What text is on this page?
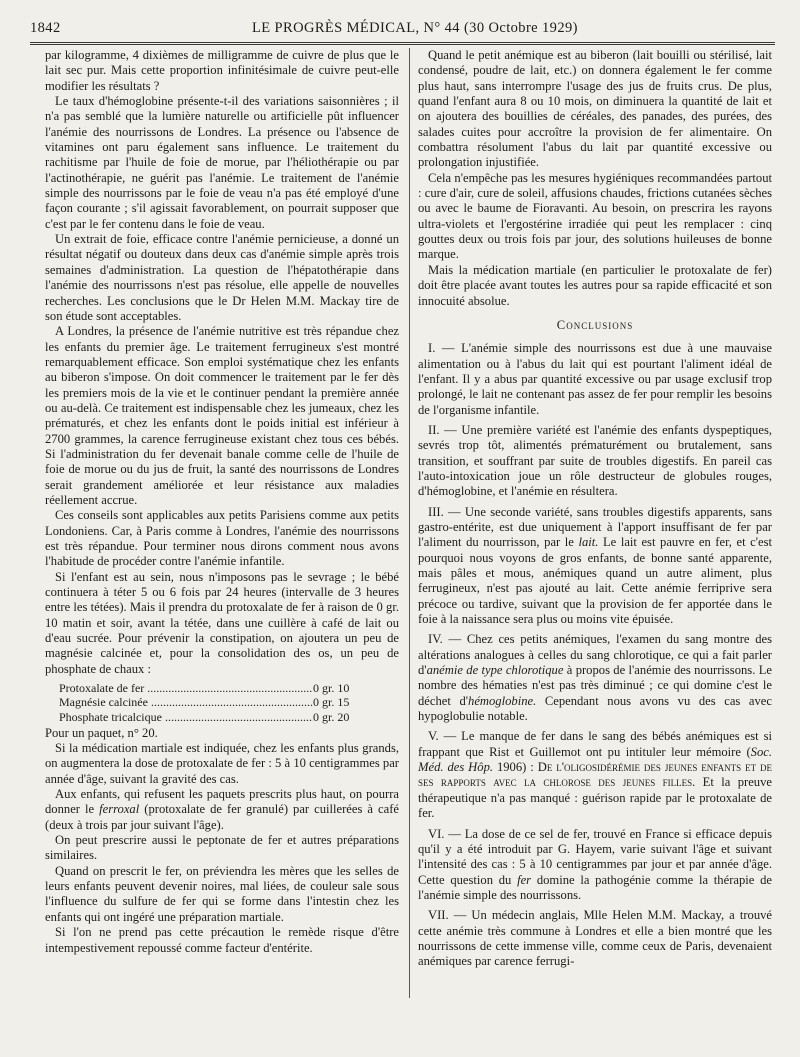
1842	LE PROGRÈS MÉDICAL, N° 44 (30 Octobre 1929)

par kilogramme, 4 dixièmes de milligramme de cuivre de plus que le lait sec pur. Mais cette proportion infinitésimale de cuivre peut-elle modifier les résultats ?

Le taux d'hémoglobine présente-t-il des variations saisonnières ; il n'a pas semblé que la lumière naturelle ou artificielle pût influencer l'anémie des nourrissons de Londres. La présence ou l'absence de vitamines ont paru également sans influence. Le traitement du rachitisme par l'huile de foie de morue, par l'héliothérapie ou par l'actinothérapie, ne guérit pas l'anémie. Le traitement de l'anémie simple des nourrissons par le foie de veau n'a pas été employé d'une façon courante ; s'il agissait favorablement, on pourrait supposer que c'est par le fer contenu dans le foie de veau.

Un extrait de foie, efficace contre l'anémie pernicieuse, a donné un résultat négatif ou douteux dans deux cas d'anémie simple après trois semaines d'administration. La question de l'hépatothérapie dans l'anémie des nourrissons n'est pas résolue, elle appelle de nouvelles recherches. Les conclusions que le Dr Helen M.M. Mackay tire de son étude sont acceptables.

A Londres, la présence de l'anémie nutritive est très répandue chez les enfants du premier âge. Le traitement ferrugineux s'est montré remarquablement efficace. Son emploi systématique chez les enfants au biberon s'impose. On doit commencer le traitement par le fer dès les premiers mois de la vie et le continuer pendant la première année ou au-delà. Ce traitement est indispensable chez les jumeaux, chez les prématurés, et chez les enfants dont le poids initial est inférieur à 2700 grammes, la carence ferrugineuse existant chez tous ces bébés. Si l'administration du fer devenait banale comme celle de l'huile de foie de morue ou du jus de fruit, la santé des nourrissons de Londres serait grandement améliorée et leur résistance aux maladies réellement accrue.

Ces conseils sont applicables aux petits Parisiens comme aux petits Londoniens. Car, à Paris comme à Londres, l'anémie des nourrissons est très répandue. Pour terminer nous dirons comment nous avons l'habitude de procéder contre l'anémie infantile.

Si l'enfant est au sein, nous n'imposons pas le sevrage ; le bébé continuera à téter 5 ou 6 fois par 24 heures (intervalle de 3 heures entre les tétées). Mais il prendra du protoxalate de fer à raison de 0 gr. 10 matin et soir, avant la tétée, dans une cuillère à café de lait ou d'eau sucrée. Pour prévenir la constipation, on ajoutera un peu de magnésie calcinée et, pour la consolidation des os, un peu de phosphate de chaux :

Protoxalate de fer .....	0 gr. 10
Magnésie calcinée .....	0 gr. 15
Phosphate tricalcique .....	0 gr. 20

Pour un paquet, n° 20.

Si la médication martiale est indiquée, chez les enfants plus grands, on augmentera la dose de protoxalate de fer : 5 à 10 centigrammes par année d'âge, suivant la gravité des cas.

Aux enfants, qui refusent les paquets prescrits plus haut, on pourra donner le ferroxal (protoxalate de fer granulé) par cuillerées à café (deux à trois par jour suivant l'âge).

On peut prescrire aussi le peptonate de fer et autres préparations similaires.

Quand on prescrit le fer, on préviendra les mères que les selles de leurs enfants peuvent devenir noires, mal liées, de couleur sale sous l'influence du sulfure de fer qui se forme dans l'intestin chez les enfants qui ont ingéré une préparation martiale.

Si l'on ne prend pas cette précaution le remède risque d'être intempestivement repoussé comme facteur d'entérite.

Quand le petit anémique est au biberon (lait bouilli ou stérilisé, lait condensé, poudre de lait, etc.) on donnera également le fer comme plus haut, sans interrompre l'usage des jus de fruits crus. De plus, quand l'enfant aura 8 ou 10 mois, on diminuera la quantité de lait et on ajoutera des bouillies de céréales, des panades, des purées, des salades cuites pour accroître la provision de fer alimentaire. On combattra résolument l'abus du lait par quantité excessive ou prolongation injustifiée.

Cela n'empêche pas les mesures hygiéniques recommandées partout : cure d'air, cure de soleil, affusions chaudes, frictions cutanées sèches ou avec le baume de Fioravanti. Au besoin, on prescrira les rayons ultra-violets et l'ergostérine irradiée qui peut les remplacer : cinq gouttes deux ou trois fois par jour, des solutions huileuses de bonne marque.

Mais la médication martiale (en particulier le protoxalate de fer) doit être placée avant toutes les autres pour sa rapide efficacité et son innocuité absolue.

Conclusions

I. — L'anémie simple des nourrissons est due à une mauvaise alimentation ou à l'abus du lait qui est pourtant l'aliment idéal de l'enfant. Il y a abus par quantité excessive ou par usage exclusif trop prolongé, le lait ne contenant pas assez de fer pour remplir les besoins de l'organisme infantile.

II. — Une première variété est l'anémie des enfants dyspeptiques, sevrés trop tôt, alimentés prématurément ou brutalement, sans transition, et souffrant par suite de troubles digestifs. En pareil cas l'auto-intoxication joue un rôle destructeur de globules rouges, d'hémoglobine, et l'anémie en résultera.

III. — Une seconde variété, sans troubles digestifs apparents, sans gastro-entérite, est due uniquement à l'apport insuffisant de fer par l'aliment du nourrisson, par le lait. Le lait est pauvre en fer, et c'est pourquoi nous voyons de gros enfants, de bonne santé apparente, mais pâles et mous, anémiques quand un autre aliment, plus ferrugineux, n'est pas ajouté au lait. Cette anémie ferriprive sera précoce ou tardive, suivant que la provision de fer apportée dans le foie à la naissance sera plus ou moins vite épuisée.

IV. — Chez ces petits anémiques, l'examen du sang montre des altérations analogues à celles du sang chlorotique, ce qui a fait parler d'anémie de type chlorotique à propos de l'anémie des nourrissons. Le nombre des hématies n'est pas très diminué ; ce qui domine c'est le déchet d'hémoglobine. Cependant nous avons vu des cas avec hypoglobulie notable.

V. — Le manque de fer dans le sang des bébés anémiques est si frappant que Rist et Guillemot ont pu intituler leur mémoire (Soc. Méd. des Hôp. 1906) : De l'oligosidérémie des jeunes enfants et de ses rapports avec la chlorose des jeunes filles. Et la preuve thérapeutique n'a pas manqué : guérison rapide par le protoxalate de fer.

VI. — La dose de ce sel de fer, trouvé en France si efficace depuis qu'il y a été introduit par G. Hayem, varie suivant l'âge et suivant l'intensité des cas : 5 à 10 centigrammes par jour et par année d'âge. Cette question du fer domine la pathogénie comme la thérapie de l'anémie simple des nourrissons.

VII. — Un médecin anglais, Mlle Helen M.M. Mackay, a trouvé cette anémie très commune à Londres et elle a bien montré que les nourrissons de cette immense ville, comme ceux de Paris, devenaient anémiques par carence ferrugi-
